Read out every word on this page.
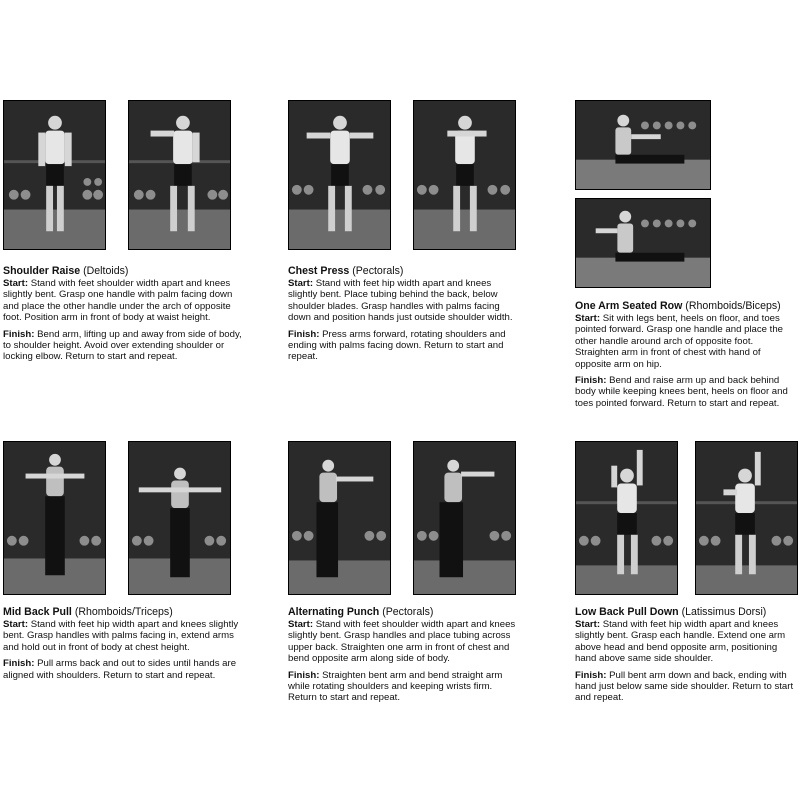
Shoulder Raise (Deltoids)

Start: Stand with feet shoulder width apart and knees slightly bent. Grasp one handle with palm facing down and place the other handle under the arch of opposite foot. Position arm in front of body at waist height.

Finish: Bend arm, lifting up and away from side of body, to shoulder height. Avoid over extending shoulder or locking elbow. Return to start and repeat.

Chest Press (Pectorals)

Start: Stand with feet hip width apart and knees slightly bent. Place tubing behind the back, below shoulder blades. Grasp handles with palms facing down and position hands just outside shoulder width.

Finish: Press arms forward, rotating shoulders and ending with palms facing down. Return to start and repeat.

One Arm Seated Row (Rhomboids/Biceps)

Start: Sit with legs bent, heels on floor, and toes pointed forward. Grasp one handle and place the other handle around arch of opposite foot. Straighten arm in front of chest with hand of opposite arm on hip.

Finish: Bend and raise arm up and back behind body while keeping knees bent, heels on floor and toes pointed forward. Return to start and repeat.

Mid Back Pull (Rhomboids/Triceps)

Start: Stand with feet hip width apart and knees slightly bent. Grasp handles with palms facing in, extend arms and hold out in front of body at chest height.

Finish: Pull arms back and out to sides until hands are aligned with shoulders. Return to start and repeat.

Alternating Punch (Pectorals)

Start: Stand with feet shoulder width apart and knees slightly bent. Grasp handles and place tubing across upper back. Straighten one arm in front of chest and bend opposite arm along side of body.

Finish: Straighten bent arm and bend straight arm while rotating shoulders and keeping wrists firm. Return to start and repeat.

Low Back Pull Down (Latissimus Dorsi)

Start: Stand with feet hip width apart and knees slightly bent. Grasp each handle. Extend one arm above head and bend opposite arm, positioning hand above same side shoulder.

Finish: Pull bent arm down and back, ending with hand just below same side shoulder. Return to start and repeat.
